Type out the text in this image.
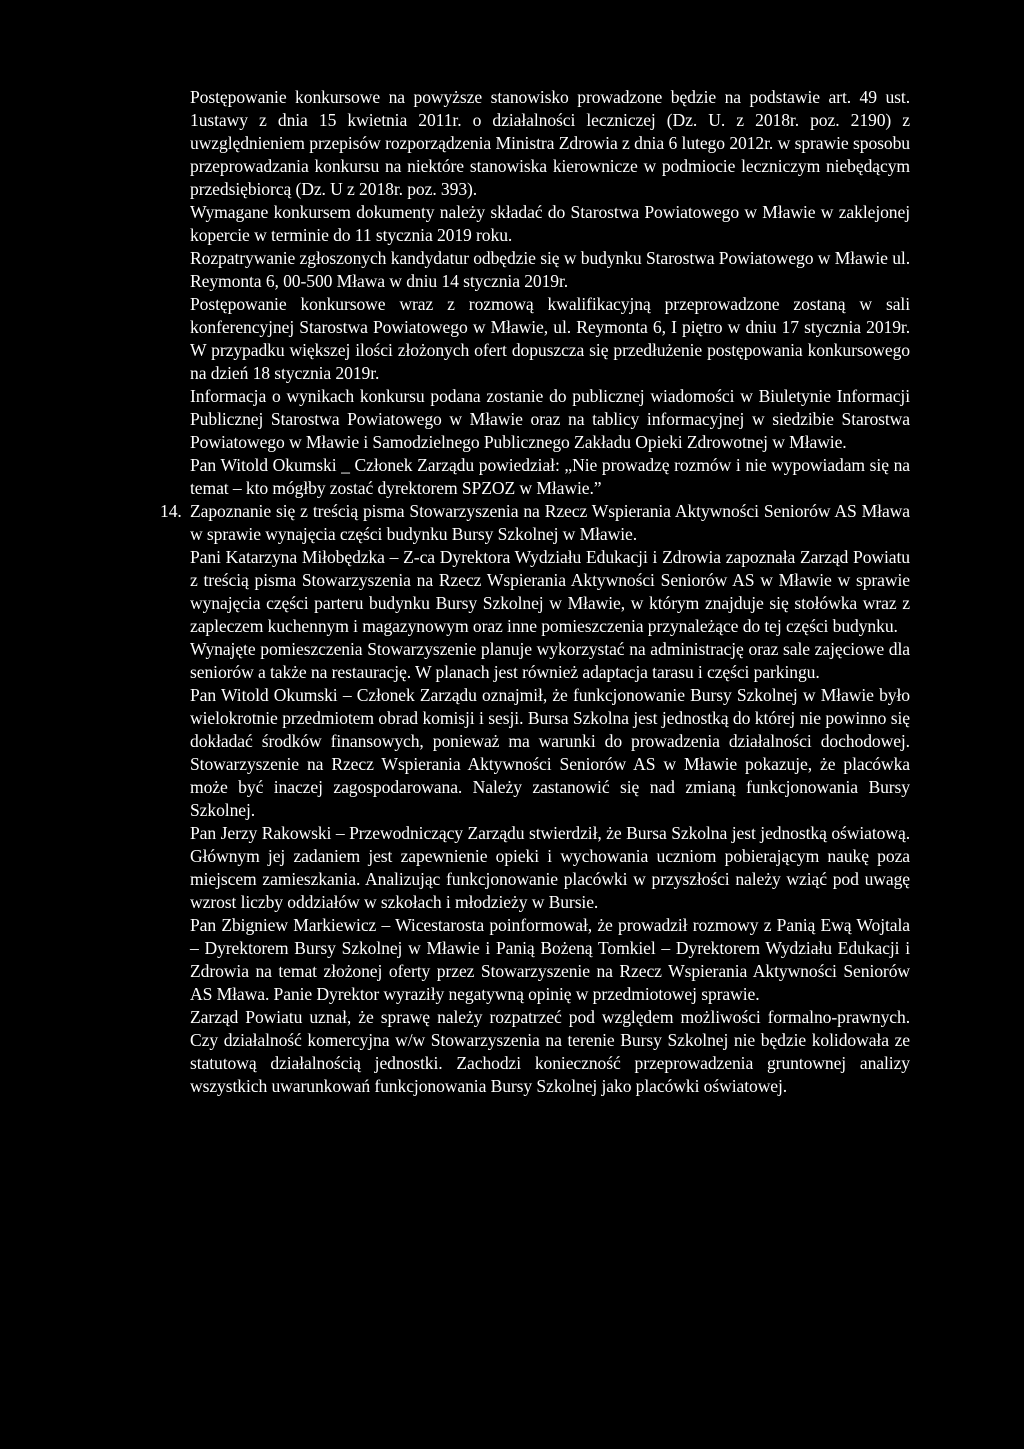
Postępowanie konkursowe na powyższe stanowisko prowadzone będzie na podstawie art. 49 ust. 1ustawy z dnia 15 kwietnia 2011r. o działalności leczniczej (Dz. U. z 2018r. poz. 2190) z uwzględnieniem przepisów rozporządzenia Ministra Zdrowia z dnia 6 lutego 2012r. w sprawie sposobu przeprowadzania konkursu na niektóre stanowiska kierownicze w podmiocie leczniczym niebędącym przedsiębiorcą (Dz. U z 2018r. poz. 393).

Wymagane konkursem dokumenty należy składać do Starostwa Powiatowego w Mławie w zaklejonej kopercie w terminie do 11 stycznia 2019 roku.

Rozpatrywanie zgłoszonych kandydatur odbędzie się w budynku Starostwa Powiatowego w Mławie ul. Reymonta 6, 00-500 Mława w dniu 14 stycznia 2019r.

Postępowanie konkursowe wraz z rozmową kwalifikacyjną przeprowadzone zostaną w sali konferencyjnej Starostwa Powiatowego w Mławie, ul. Reymonta 6, I piętro w dniu 17 stycznia 2019r. W przypadku większej ilości złożonych ofert dopuszcza się przedłużenie postępowania konkursowego na dzień 18 stycznia 2019r.

Informacja o wynikach konkursu podana zostanie do publicznej wiadomości w Biuletynie Informacji Publicznej Starostwa Powiatowego w Mławie oraz na tablicy informacyjnej w siedzibie Starostwa Powiatowego w Mławie i Samodzielnego Publicznego Zakładu Opieki Zdrowotnej w Mławie.

Pan Witold Okumski _ Członek Zarządu powiedział: „Nie prowadzę rozmów i nie wypowiadam się na temat – kto mógłby zostać dyrektorem SPZOZ w Mławie.”

14. Zapoznanie się z treścią pisma Stowarzyszenia na Rzecz Wspierania Aktywności Seniorów AS Mława w sprawie wynajęcia części budynku Bursy Szkolnej w Mławie.

Pani Katarzyna Miłobędzka – Z-ca Dyrektora Wydziału Edukacji i Zdrowia zapoznała Zarząd Powiatu z treścią pisma Stowarzyszenia na Rzecz Wspierania Aktywności Seniorów AS w Mławie w sprawie wynajęcia części parteru budynku Bursy Szkolnej w Mławie, w którym znajduje się stołówka wraz z zapleczem kuchennym i magazynowym oraz inne pomieszczenia przynależące do tej części budynku.

Wynajęte pomieszczenia Stowarzyszenie planuje wykorzystać na administrację oraz sale zajęciowe dla seniorów a także na restaurację. W planach jest również adaptacja tarasu i części parkingu.

Pan Witold Okumski – Członek Zarządu oznajmił, że funkcjonowanie Bursy Szkolnej w Mławie było wielokrotnie przedmiotem obrad komisji i sesji. Bursa Szkolna jest jednostką do której nie powinno się dokładać środków finansowych, ponieważ ma warunki do prowadzenia działalności dochodowej. Stowarzyszenie na Rzecz Wspierania Aktywności Seniorów AS w Mławie pokazuje, że placówka może być inaczej zagospodarowana. Należy zastanowić się nad zmianą funkcjonowania Bursy Szkolnej.

Pan Jerzy Rakowski – Przewodniczący Zarządu stwierdził, że Bursa Szkolna jest jednostką oświatową. Głównym jej zadaniem jest zapewnienie opieki i wychowania uczniom pobierającym naukę poza miejscem zamieszkania. Analizując funkcjonowanie placówki w przyszłości należy wziąć pod uwagę wzrost liczby oddziałów w szkołach i młodzieży w Bursie.

Pan Zbigniew Markiewicz – Wicestarosta poinformował, że prowadził rozmowy z Panią Ewą Wojtala – Dyrektorem Bursy Szkolnej w Mławie i Panią Bożeną Tomkiel – Dyrektorem Wydziału Edukacji i Zdrowia na temat złożonej oferty przez Stowarzyszenie na Rzecz Wspierania Aktywności Seniorów AS Mława. Panie Dyrektor wyraziły negatywną opinię w przedmiotowej sprawie.

Zarząd Powiatu uznał, że sprawę należy rozpatrzeć pod względem możliwości formalno-prawnych. Czy działalność komercyjna w/w Stowarzyszenia na terenie Bursy Szkolnej nie będzie kolidowała ze statutową działalnością jednostki. Zachodzi konieczność przeprowadzenia gruntownej analizy wszystkich uwarunkowań funkcjonowania Bursy Szkolnej jako placówki oświatowej.
